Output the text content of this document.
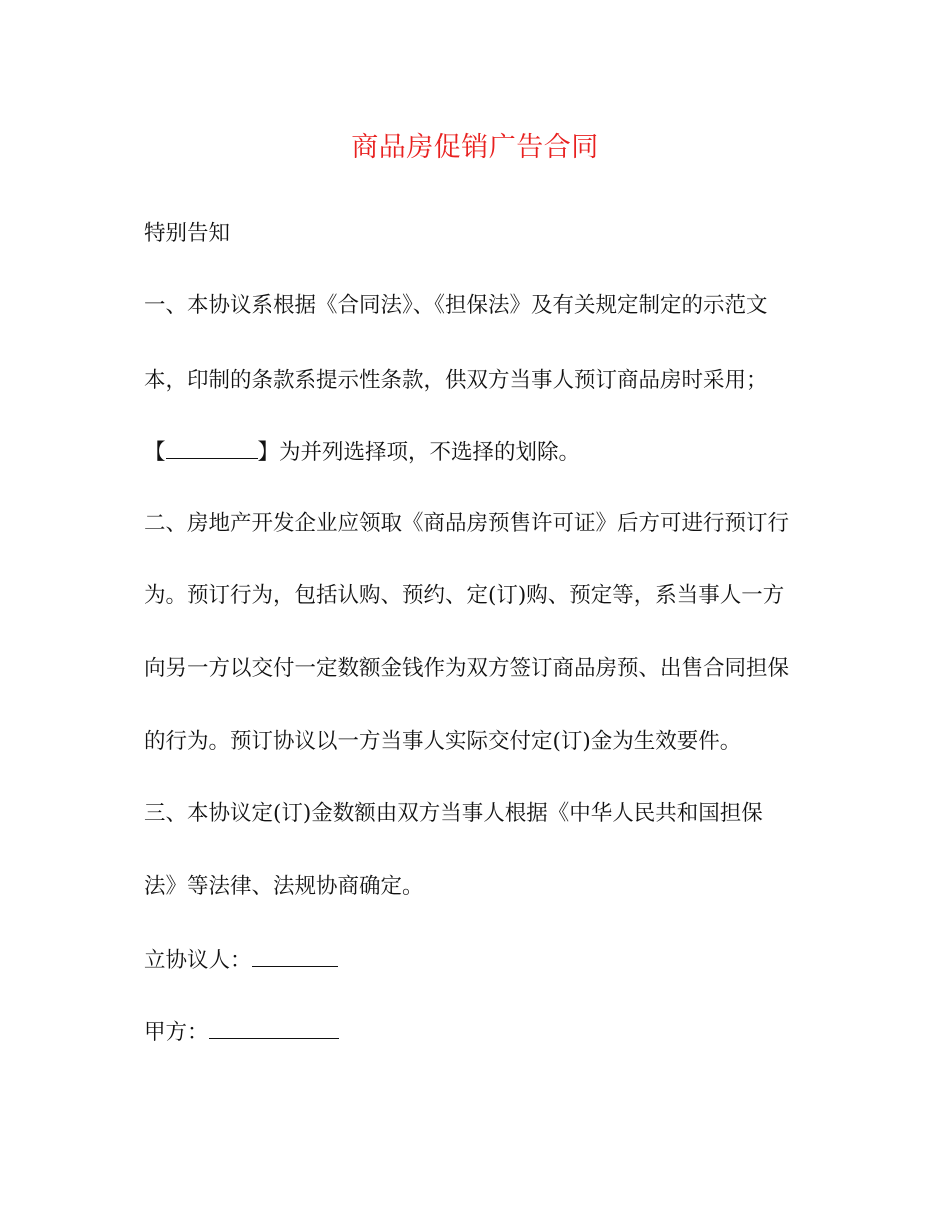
商品房促销广告合同
特别告知
一、本协议系根据《合同法》、《担保法》及有关规定制定的示范文
本，印制的条款系提示性条款，供双方当事人预订商品房时采用；
【	】为并列选择项，不选择的划除。
二、房地产开发企业应领取《商品房预售许可证》后方可进行预订行
为。预订行为，包括认购、预约、定(订)购、预定等，系当事人一方
向另一方以交付一定数额金钱作为双方签订商品房预、出售合同担保
的行为。预订协议以一方当事人实际交付定(订)金为生效要件。
三、本协议定(订)金数额由双方当事人根据《中华人民共和国担保
法》等法律、法规协商确定。
立协议人：
甲方：
